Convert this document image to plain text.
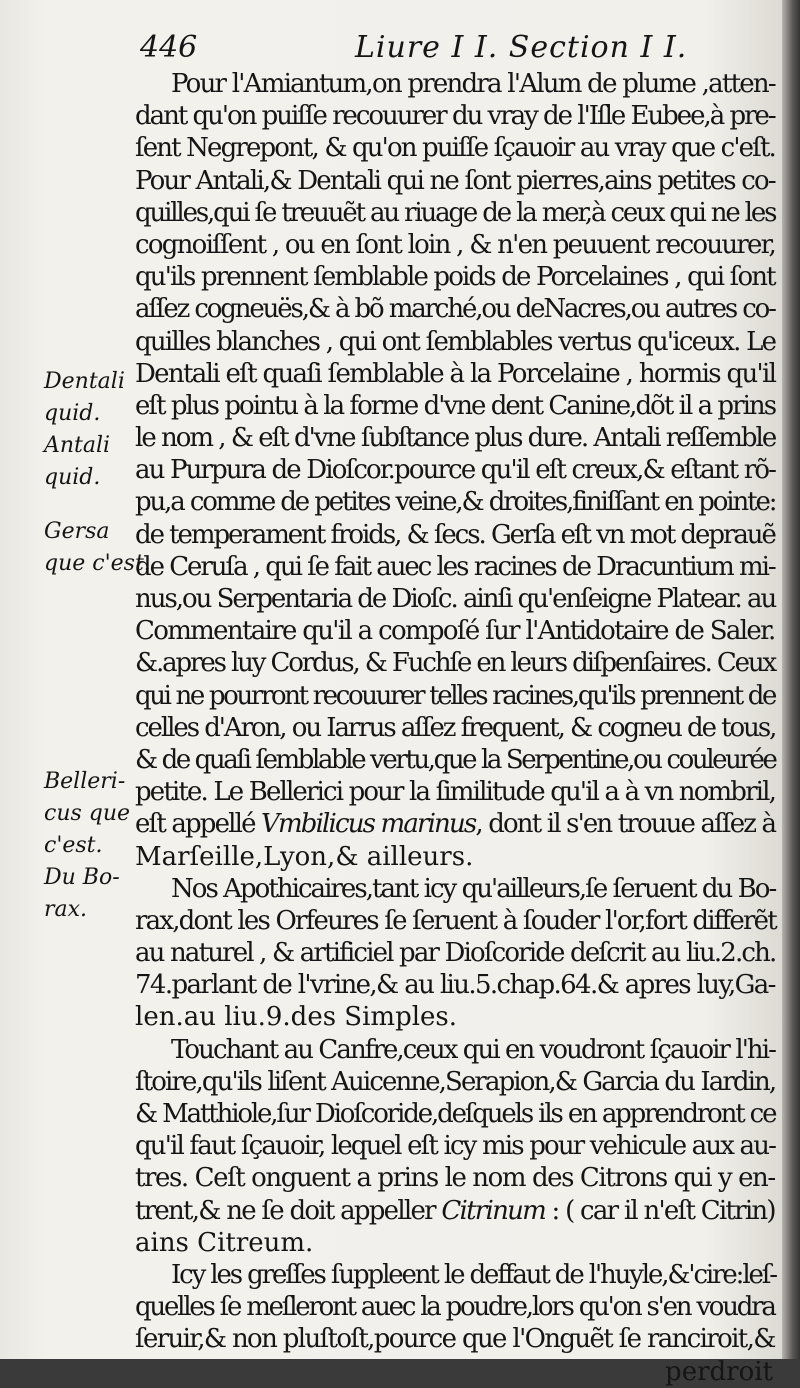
446	Liure I I. Section I I.
Dentali
quid.
Antali
quid.
Gersa
que c'est.
Belleri-
cus que
c'est.
Du Bo-
rax.
Pour l'Amiantum,on prendra l'Alum de plume ,atten-
dant qu'on puiſſe recouurer du vray de l'Iſle Eubee,à pre-
ſent Negrepont, & qu'on puiſſe ſçauoir au vray que c'eſt.
Pour Antali,& Dentali qui ne ſont pierres,ains petites co-
quilles,qui ſe treuuẽt au riuage de la mer,à ceux qui ne les
cognoiſſent , ou en ſont loin , & n'en peuuent recouurer,
qu'ils prennent ſemblable poids de Porcelaines , qui ſont
aſſez cogneuës,& à bõ marché,ou deNacres,ou autres co-
quilles blanches , qui ont ſemblables vertus qu'iceux. Le
Dentali eſt quaſi ſemblable à la Porcelaine , hormis qu'il
eſt plus pointu à la forme d'vne dent Canine,dõt il a prins
le nom , & eſt d'vne ſubſtance plus dure. Antali reſſemble
au Purpura de Dioſcor.pource qu'il eſt creux,& eſtant rõ-
pu,a comme de petites veine,& droites,finiſſant en pointe:
de temperament froids, & ſecs. Gerſa eſt vn mot deprauẽ
de Ceruſa , qui ſe fait auec les racines de Dracuntium mi-
nus,ou Serpentaria de Dioſc. ainſi qu'enſeigne Platear. au
Commentaire qu'il a compoſé ſur l'Antidotaire de Saler.
&.apres luy Cordus, & Fuchſe en leurs diſpenſaires. Ceux
qui ne pourront recouurer telles racines,qu'ils prennent de
celles d'Aron, ou Iarrus aſſez frequent, & cogneu de tous,
& de quaſi ſemblable vertu,que la Serpentine,ou couleurée
petite. Le Bellerici pour la ſimilitude qu'il a à vn nombril,
eſt appellé Vmbilicus marinus, dont il s'en trouue aſſez à
Marſeille,Lyon,& ailleurs.
Nos Apothicaires,tant icy qu'ailleurs,ſe ſeruent du Bo-
rax,dont les Orfeures ſe ſeruent à ſouder l'or,fort differẽt
au naturel , & artificiel par Dioſcoride deſcrit au liu.2.ch.
74.parlant de l'vrine,& au liu.5.chap.64.& apres luy,Ga-
len.au liu.9.des Simples.
Touchant au Canfre,ceux qui en voudront ſçauoir l'hi-
ſtoire,qu'ils liſent Auicenne,Serapion,& Garcia du Iardin,
& Matthiole,ſur Dioſcoride,deſquels ils en apprendront ce
qu'il faut ſçauoir, lequel eſt icy mis pour vehicule aux au-
tres. Ceſt onguent a prins le nom des Citrons qui y en-
trent,& ne ſe doit appeller Citrinum : ( car il n'eſt Citrin)
ains Citreum.
Icy les greſſes ſuppleent le deffaut de l'huyle,&'cire:leſ-
quelles ſe meſleront auec la poudre,lors qu'on s'en voudra
ſeruir,& non pluſtoſt,pource que l'Onguẽt ſe ranciroit,&
perdroit
